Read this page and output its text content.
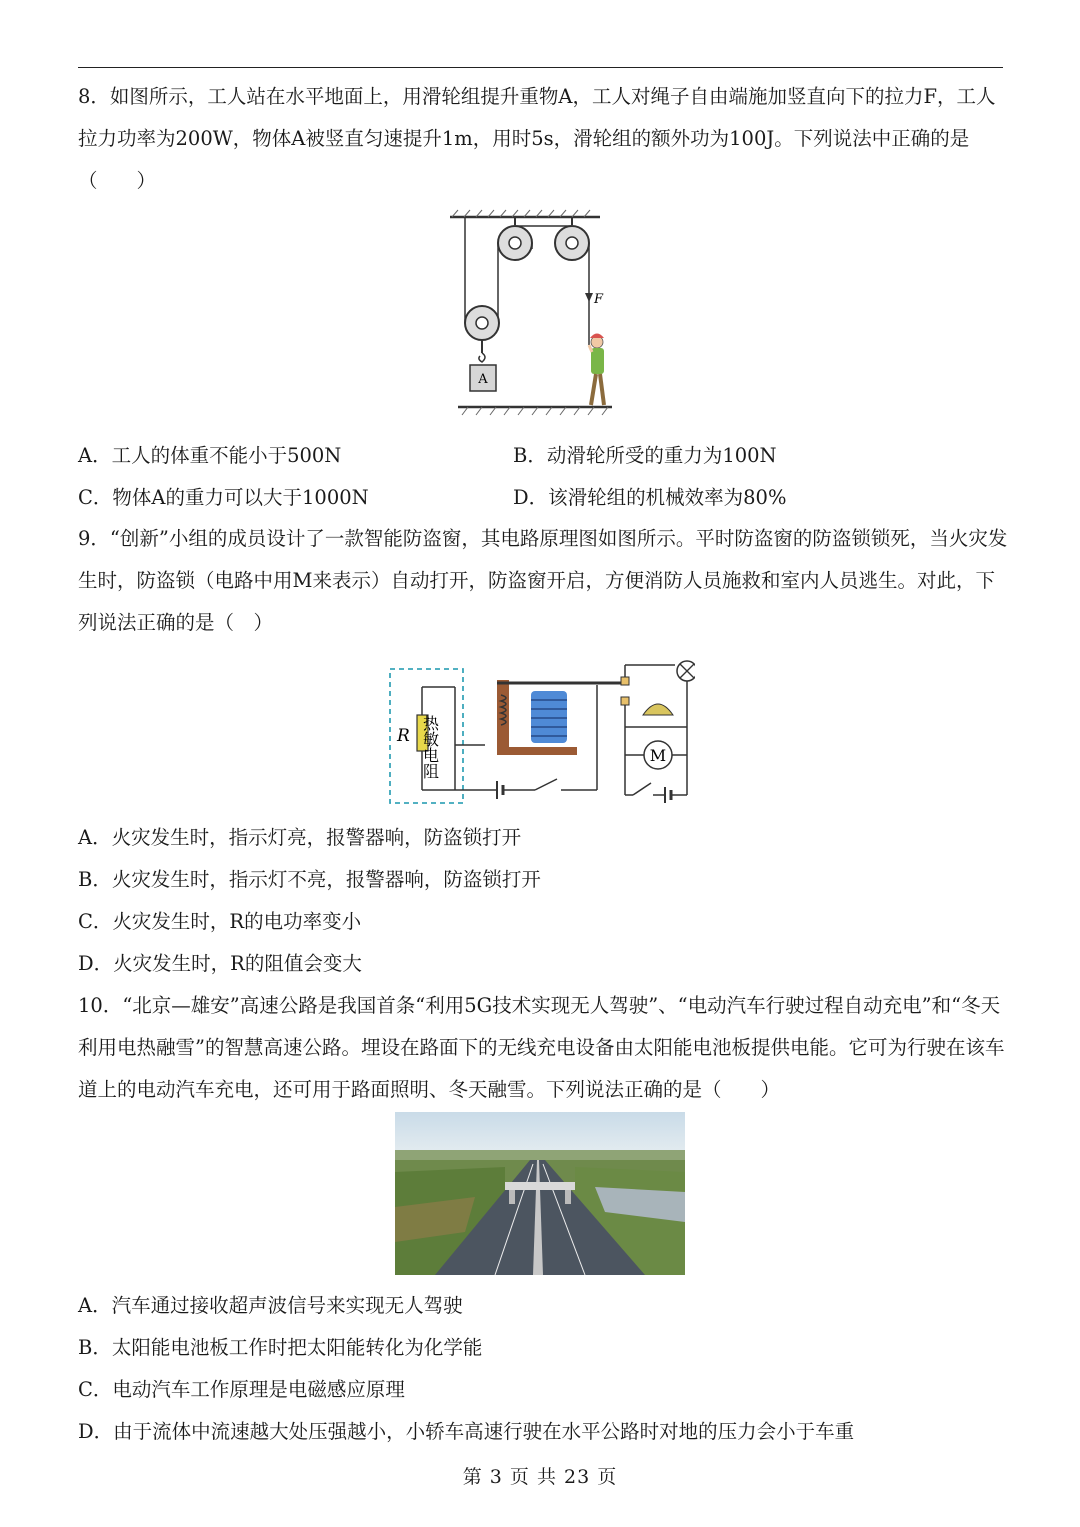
8．如图所示，工人站在水平地面上，用滑轮组提升重物A，工人对绳子自由端施加竖直向下的拉力F，工人拉力功率为200W，物体A被竖直匀速提升1m，用时5s，滑轮组的额外功为100J。下列说法中正确的是（　　）

F
A
A．工人的体重不能小于500N	B．动滑轮所受的重力为100N
C．物体A的重力可以大于1000N	D．该滑轮组的机械效率为80%

9．“创新”小组的成员设计了一款智能防盗窗，其电路原理图如图所示。平时防盗窗的防盗锁锁死，当火灾发生时，防盗锁（电路中用M来表示）自动打开，防盗窗开启，方便消防人员施救和室内人员逃生。对此，下列说法正确的是（　）

R 热敏电阻	M
A．火灾发生时，指示灯亮，报警器响，防盗锁打开
B．火灾发生时，指示灯不亮，报警器响，防盗锁打开
C．火灾发生时，R的电功率变小
D．火灾发生时，R的阻值会变大

10．“北京—雄安”高速公路是我国首条“利用5G技术实现无人驾驶”、“电动汽车行驶过程自动充电”和“冬天利用电热融雪”的智慧高速公路。埋设在路面下的无线充电设备由太阳能电池板提供电能。它可为行驶在该车道上的电动汽车充电，还可用于路面照明、冬天融雪。下列说法正确的是（　　）

A．汽车通过接收超声波信号来实现无人驾驶
B．太阳能电池板工作时把太阳能转化为化学能
C．电动汽车工作原理是电磁感应原理
D．由于流体中流速越大处压强越小，小轿车高速行驶在水平公路时对地的压力会小于车重
第 3 页 共 23 页
